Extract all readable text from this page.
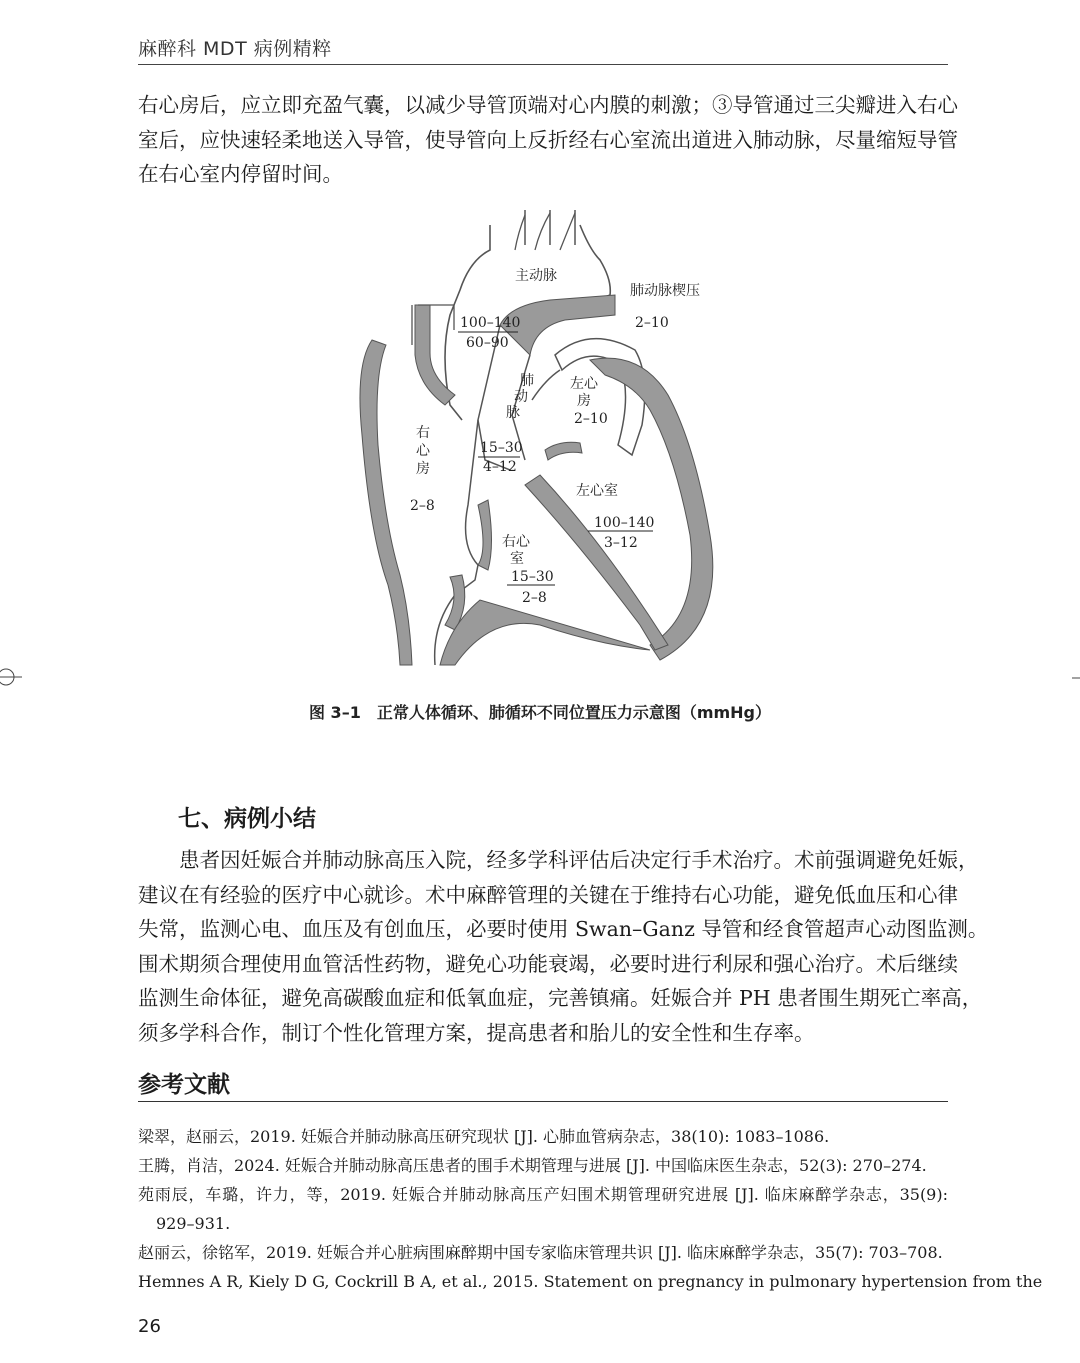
麻醉科 MDT 病例精粹

右心房后，应立即充盈气囊，以减少导管顶端对心内膜的刺激；③导管通过三尖瓣进入右心
室后，应快速轻柔地送入导管，使导管向上反折经右心室流出道进入肺动脉，尽量缩短导管
在右心室内停留时间。

主动脉
100–140
60–90
肺动脉楔压
2–10
肺
动
脉
15–30
4–12
左心
房
2–10
右
心
房
2–8
左心室
100–140
3–12
右心
室
15–30
2–8
图 3–1　正常人体循环、肺循环不同位置压力示意图（mmHg）
七、病例小结

患者因妊娠合并肺动脉高压入院，经多学科评估后决定行手术治疗。术前强调避免妊娠，
建议在有经验的医疗中心就诊。术中麻醉管理的关键在于维持右心功能，避免低血压和心律
失常，监测心电、血压及有创血压，必要时使用 Swan–Ganz 导管和经食管超声心动图监测。
围术期须合理使用血管活性药物，避免心功能衰竭，必要时进行利尿和强心治疗。术后继续
监测生命体征，避免高碳酸血症和低氧血症，完善镇痛。妊娠合并 PH 患者围生期死亡率高，
须多学科合作，制订个性化管理方案，提高患者和胎儿的安全性和生存率。

参考文献
梁翠，赵丽云，2019. 妊娠合并肺动脉高压研究现状 [J]. 心肺血管病杂志，38(10): 1083–1086.
王腾，肖洁，2024. 妊娠合并肺动脉高压患者的围手术期管理与进展 [J]. 中国临床医生杂志，52(3): 270–274.
苑雨辰，车璐，许力，等，2019. 妊娠合并肺动脉高压产妇围术期管理研究进展 [J]. 临床麻醉学杂志，35(9):
929–931.
赵丽云，徐铭军，2019. 妊娠合并心脏病围麻醉期中国专家临床管理共识 [J]. 临床麻醉学杂志，35(7): 703–708.
Hemnes A R, Kiely D G, Cockrill B A, et al., 2015. Statement on pregnancy in pulmonary hypertension from the
26
